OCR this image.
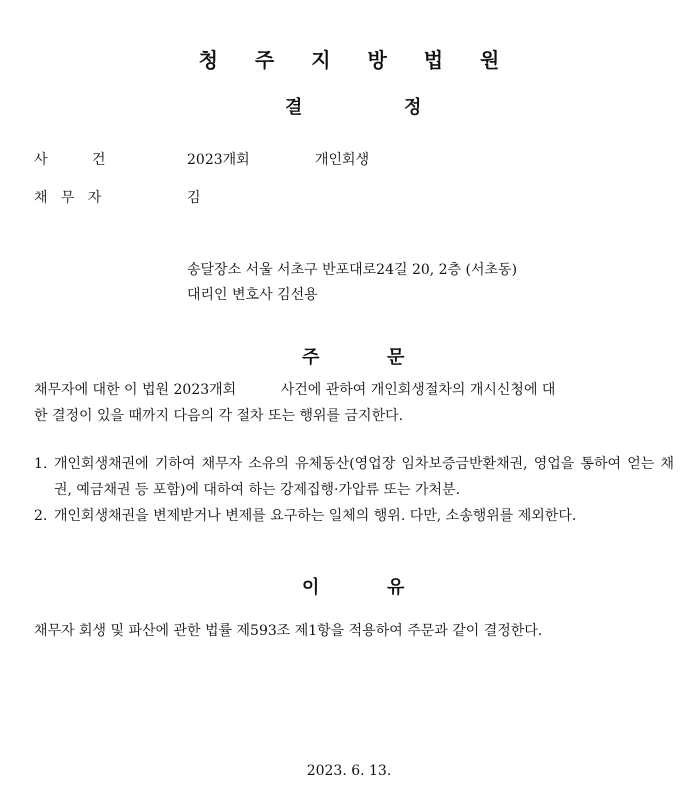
청 주 지 방 법 원
결	정
사          건	2023개회	개인회생
채   무   자	김
송달장소 서울 서초구 반포대로24길 20, 2층 (서초동)
대리인 변호사 김선용
주	문
채무자에 대한 이 법원 2023개회          사건에 관하여 개인회생절차의 개시신청에 대
한 결정이 있을 때까지 다음의 각 절차 또는 행위를 금지한다.
1. 개인회생채권에 기하여 채무자 소유의 유체동산(영업장 임차보증금반환채권, 영업을 통하여 얻는 채권, 예금채권 등 포함)에 대하여 하는 강제집행·가압류 또는 가처분.
2. 개인회생채권을 변제받거나 변제를 요구하는 일체의 행위. 다만, 소송행위를 제외한다.
이	유
채무자 회생 및 파산에 관한 법률 제593조 제1항을 적용하여 주문과 같이 결정한다.
2023. 6. 13.
